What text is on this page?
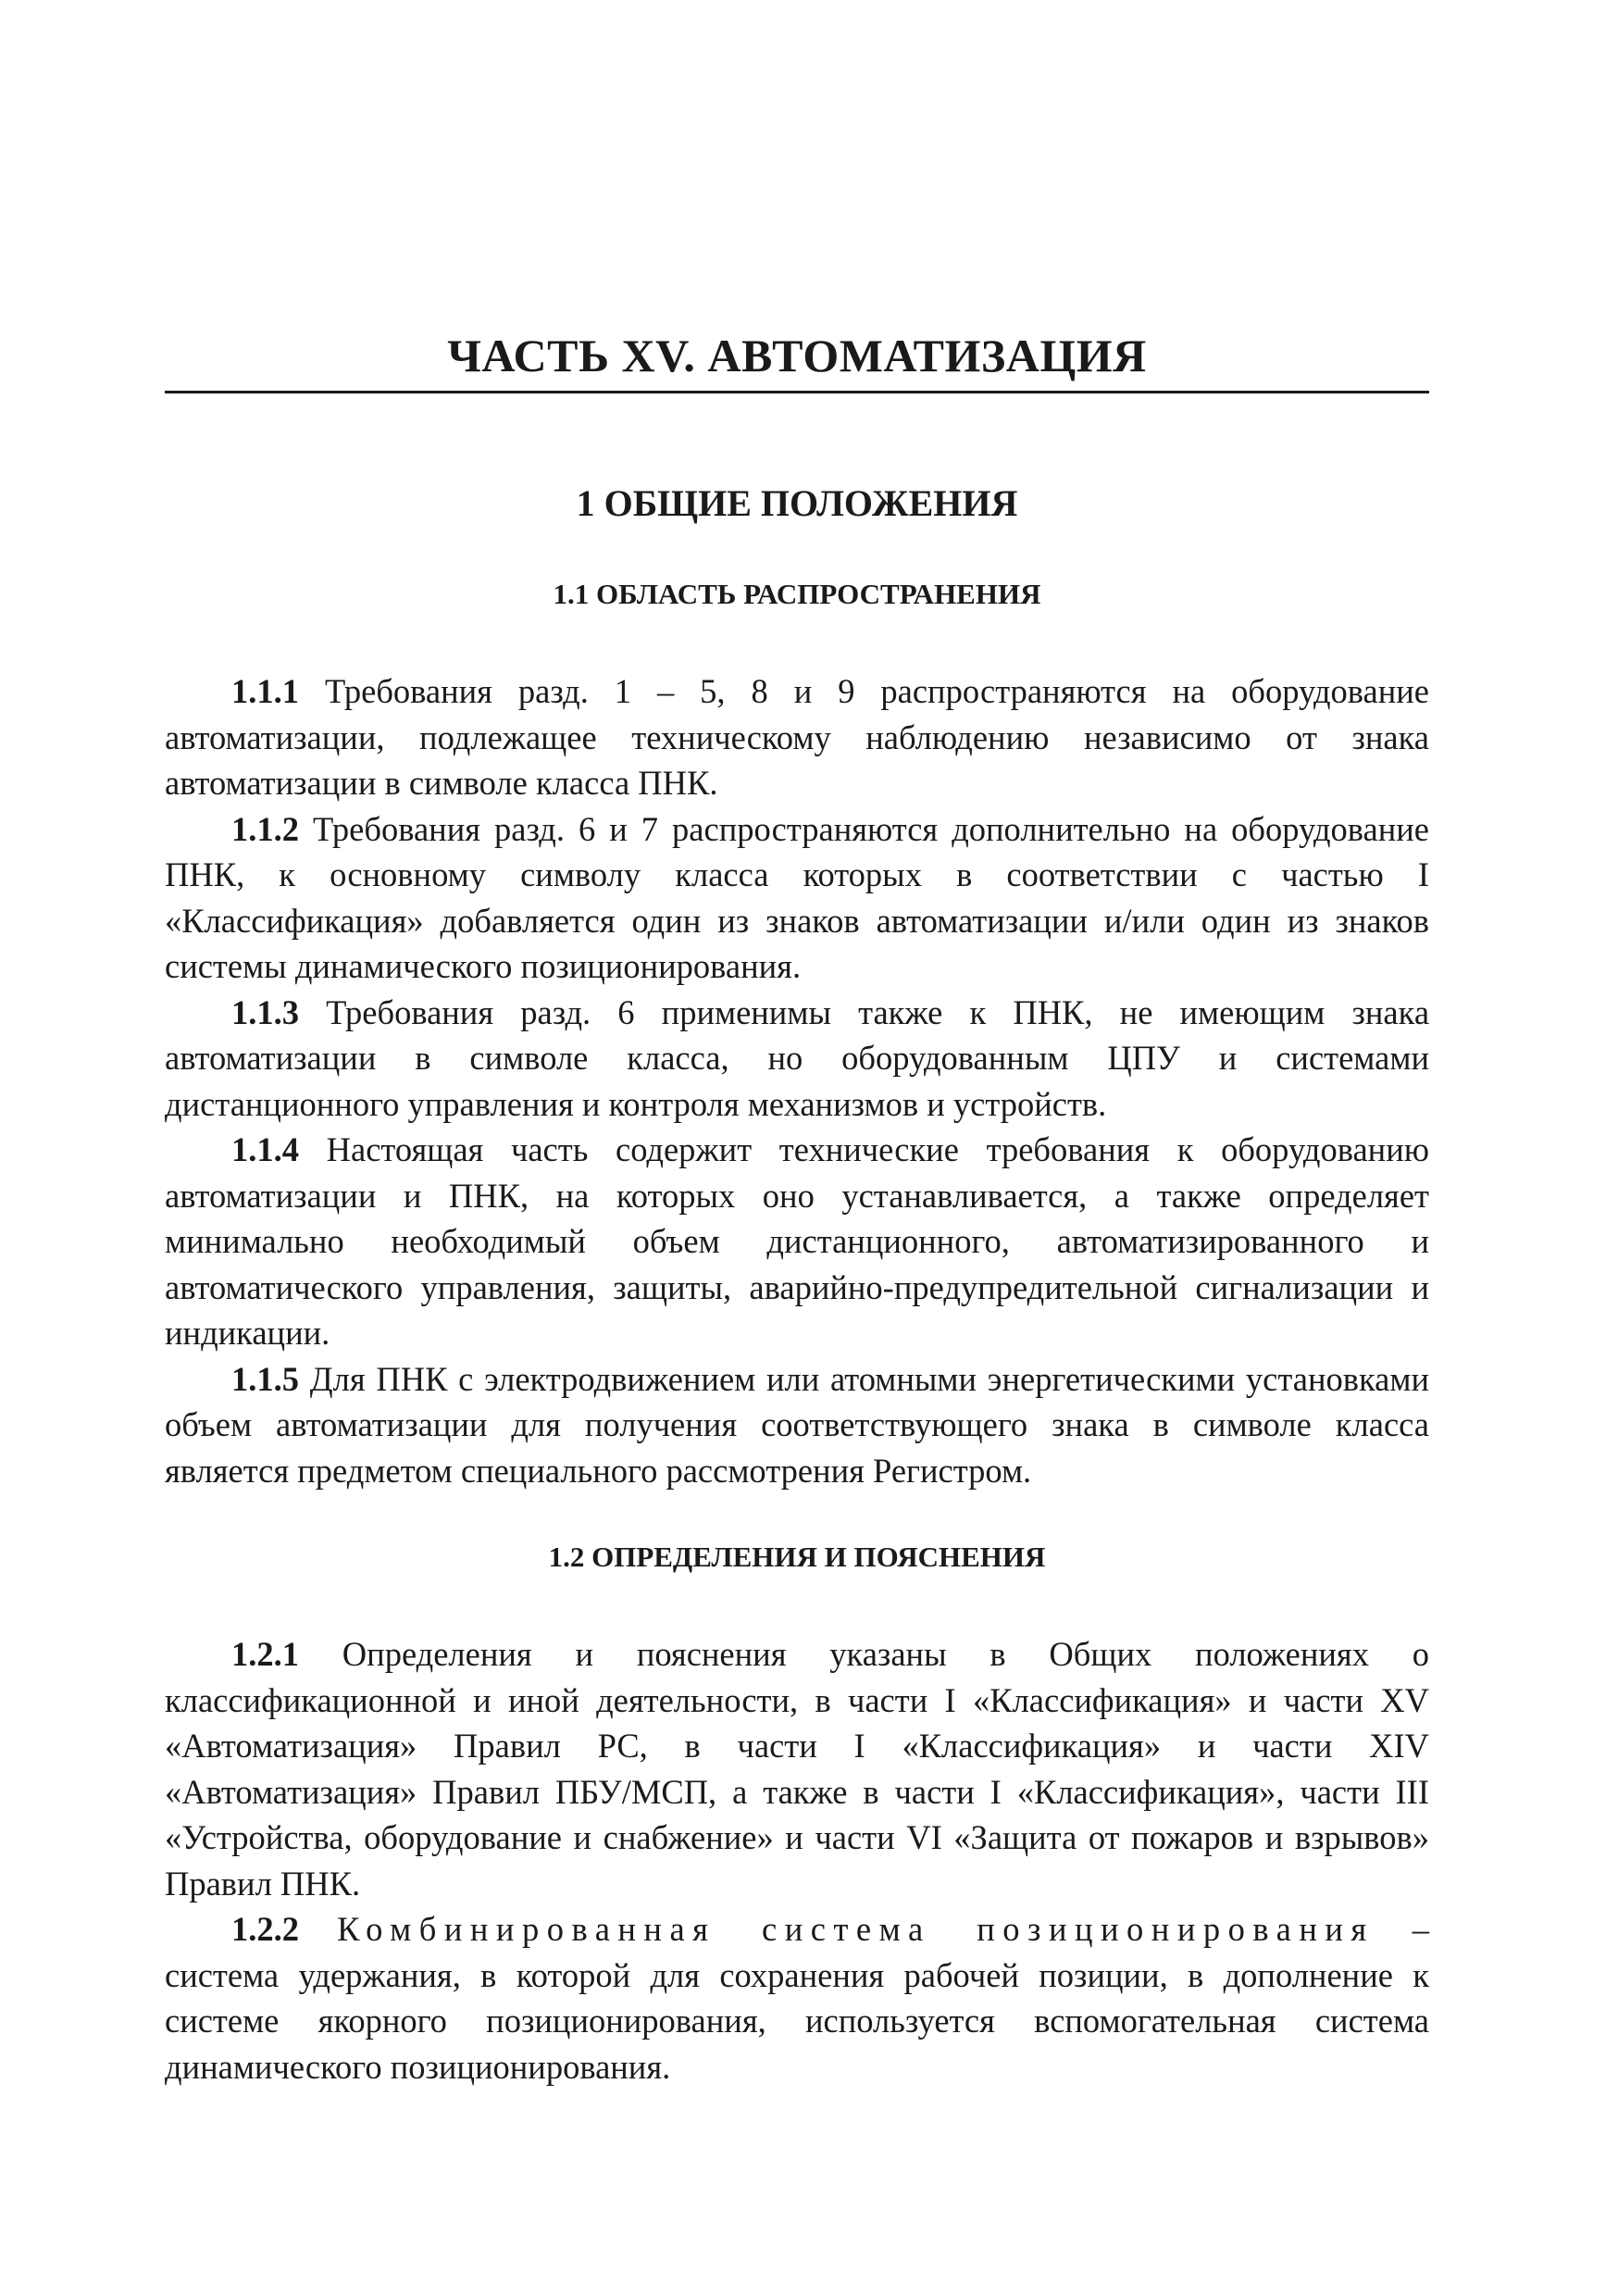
ЧАСТЬ XV. АВТОМАТИЗАЦИЯ
1 ОБЩИЕ ПОЛОЖЕНИЯ
1.1 ОБЛАСТЬ РАСПРОСТРАНЕНИЯ

1.1.1 Требования разд. 1 – 5, 8 и 9 распространяются на оборудование автоматизации, подлежащее техническому наблюдению независимо от знака автоматизации в символе класса ПНК.

1.1.2 Требования разд. 6 и 7 распространяются дополнительно на оборудование ПНК, к основному символу класса которых в соответствии с частью I «Классификация» добавляется один из знаков автоматизации и/или один из знаков системы динамического позиционирования.

1.1.3 Требования разд. 6 применимы также к ПНК, не имеющим знака автоматизации в символе класса, но оборудованным ЦПУ и системами дистанционного управления и контроля механизмов и устройств.

1.1.4 Настоящая часть содержит технические требования к оборудованию автоматизации и ПНК, на которых оно устанавливается, а также определяет минимально необходимый объем дистанционного, автоматизированного и автоматического управления, защиты, аварийно-предупредительной сигнализации и индикации.

1.1.5 Для ПНК с электродвижением или атомными энергетическими установками объем автоматизации для получения соответствующего знака в символе класса является предметом специального рассмотрения Регистром.

1.2 ОПРЕДЕЛЕНИЯ И ПОЯСНЕНИЯ

1.2.1 Определения и пояснения указаны в Общих положениях о классификационной и иной деятельности, в части I «Классификация» и части XV «Автоматизация» Правил РС, в части I «Классификация» и части XIV «Автоматизация» Правил ПБУ/МСП, а также в части I «Классификация», части III «Устройства, оборудование и снабжение» и части VI «Защита от пожаров и взрывов» Правил ПНК.

1.2.2 Комбинированная система позиционирования – система удержания, в которой для сохранения рабочей позиции, в дополнение к системе якорного позиционирования, используется вспомогательная система динамического позиционирования.
